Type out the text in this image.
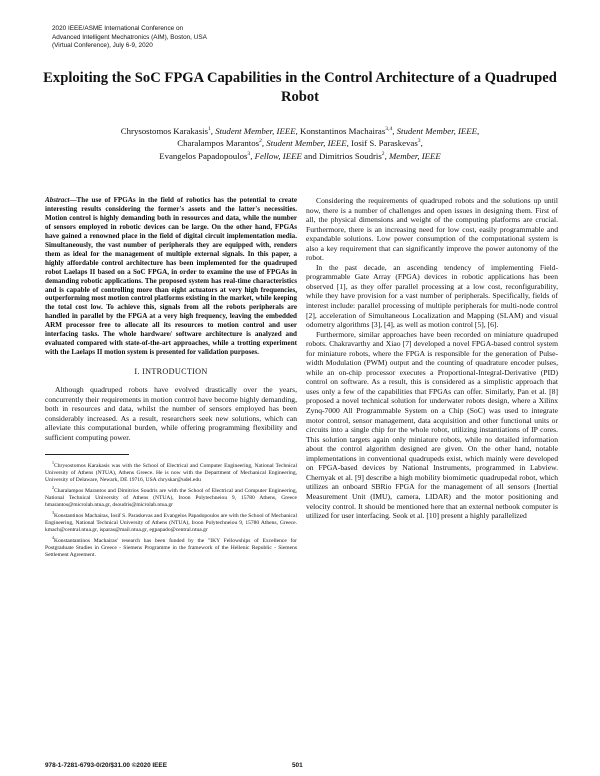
2020 IEEE/ASME International Conference on
Advanced Intelligent Mechatronics (AIM), Boston, USA
(Virtual Conference), July 6-9, 2020
Exploiting the SoC FPGA Capabilities in the Control Architecture of a Quadruped Robot
Chrysostomos Karakasis$^1$, Student Member, IEEE, Konstantinos Machairas$^{3,4}$, Student Member, IEEE,
Charalampos Marantos$^2$, Student Member, IEEE, Iosif S. Paraskevas$^3$,
Evangelos Papadopoulos$^3$, Fellow, IEEE and Dimitrios Soudris$^2$, Member, IEEE

Abstract—The use of FPGAs in the field of robotics has the potential to create interesting results considering the former's assets and the latter's necessities. Motion control is highly demanding both in resources and data, while the number of sensors employed in robotic devices can be large. On the other hand, FPGAs have gained a renowned place in the field of digital circuit implementation media. Simultaneously, the vast number of peripherals they are equipped with, renders them as ideal for the management of multiple external signals. In this paper, a highly affordable control architecture has been implemented for the quadruped robot Laelaps II based on a SoC FPGA, in order to examine the use of FPGAs in demanding robotic applications. The proposed system has real-time characteristics and is capable of controlling more than eight actuators at very high frequencies, outperforming most motion control platforms existing in the market, while keeping the total cost low. To achieve this, signals from all the robots peripherals are handled in parallel by the FPGA at a very high frequency, leaving the embedded ARM processor free to allocate all its resources to motion control and user interfacing tasks. The whole hardware/ software architecture is analyzed and evaluated compared with state-of-the-art approaches, while a trotting experiment with the Laelaps II motion system is presented for validation purposes.

I. INTRODUCTION

Although quadruped robots have evolved drastically over the years, concurrently their requirements in motion control have become highly demanding, both in resources and data, whilst the number of sensors employed has been considerably increased. As a result, researchers seek new solutions, which can alleviate this computational burden, while offering programming flexibility and sufficient computing power.

$^1$Chrysostomos Karakasis was with the School of Electrical and Computer Engineering, National Technical University of Athens (NTUA), Athens Greece. He is now with the Department of Mechanical Engineering, University of Delaware, Newark, DE 19716, USA chryskar@udel.edu

$^2$Charalampos Marantos and Dimitrios Soudris are with the School of Electrical and Computer Engineering, National Technical University of Athens (NTUA), Iroon Polytechneiou 9, 15780 Athens, Greece hmarantos@microlab.ntua.gr, dsoudris@microlab.ntua.gr

$^3$Konstantinos Machairas, Iosif S. Paraskevas and Evangelos Papadopoulos are with the School of Mechanical Engineering, National Technical University of Athens (NTUA), Iroon Polytechneiou 9, 15780 Athens, Greece. kmach@central.ntua.gr, isparas@mail.ntua.gr, egpapado@central.ntua.gr

$^4$Konstantantinos Machairas' research has been funded by the "IKY Fellowships of Excellence for Postgraduate Studies in Greece - Siemens Programme in the framework of the Hellenic Republic - Siemens Settlement Agreement.

Considering the requirements of quadruped robots and the solutions up until now, there is a number of challenges and open issues in designing them. First of all, the physical dimensions and weight of the computing platforms are crucial. Furthermore, there is an increasing need for low cost, easily programmable and expandable solutions. Low power consumption of the computational system is also a key requirement that can significantly improve the power autonomy of the robot.

In the past decade, an ascending tendency of implementing Field-programmable Gate Array (FPGA) devices in robotic applications has been observed [1], as they offer parallel processing at a low cost, reconfigurability, while they have provision for a vast number of peripherals. Specifically, fields of interest include: parallel processing of multiple peripherals for multi-node control [2], acceleration of Simultaneous Localization and Mapping (SLAM) and visual odometry algorithms [3], [4], as well as motion control [5], [6].

Furthermore, similar approaches have been recorded on miniature quadruped robots. Chakravarthy and Xiao [7] developed a novel FPGA-based control system for miniature robots, where the FPGA is responsible for the generation of Pulse-width Modulation (PWM) output and the counting of quadrature encoder pulses, while an on-chip processor executes a Proportional-Integral-Derivative (PID) control on software. As a result, this is considered as a simplistic approach that uses only a few of the capabilities that FPGAs can offer. Similarly, Pan et al. [8] proposed a novel technical solution for underwater robots design, where a Xilinx Zynq-7000 All Programmable System on a Chip (SoC) was used to integrate motor control, sensor management, data acquisition and other functional units or circuits into a single chip for the whole robot, utilizing instantiations of IP cores. This solution targets again only miniature robots, while no detailed information about the control algorithm designed are given. On the other hand, notable implementations in conventional quadrupeds exist, which mainly were developed on FPGA-based devices by National Instruments, programmed in Labview. Chernyak et al. [9] describe a high mobility biomimetic quadrupedal robot, which utilizes an onboard SBRio FPGA for the management of all sensors (Inertial Measurement Unit (IMU), camera, LIDAR) and the motor positioning and velocity control. It should be mentioned here that an external netbook computer is utilized for user interfacing. Seok et al. [10] present a highly parallelized

978-1-7281-6793-0/20/$31.00 ©2020 IEEE	501
